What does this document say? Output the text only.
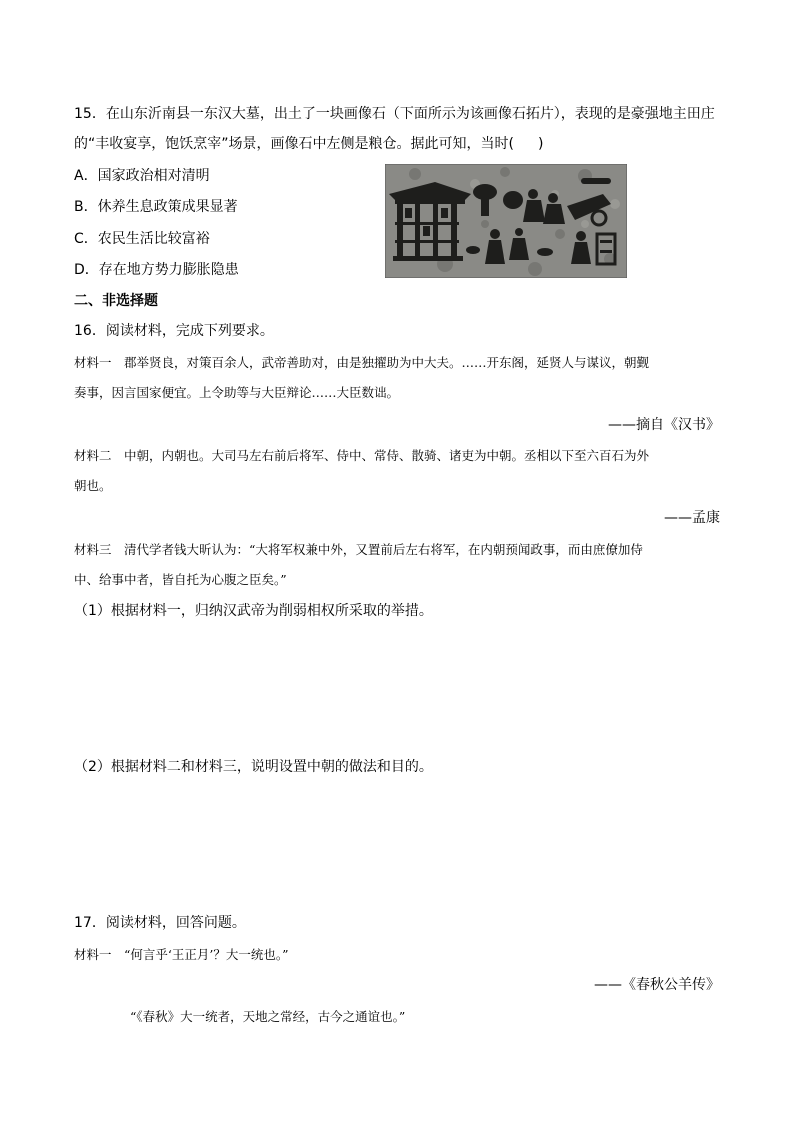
15．在山东沂南县一东汉大墓，出土了一块画像石（下面所示为该画像石拓片），表现的是豪强地主田庄
的“丰收宴享，饱饫烹宰”场景，画像石中左侧是粮仓。据此可知，当时( )
A．国家政治相对清明
B．休养生息政策成果显著
C．农民生活比较富裕
D．存在地方势力膨胀隐患
二、非选择题
16．阅读材料，完成下列要求。
材料一　郡举贤良，对策百余人，武帝善助对，由是独擢助为中大夫。……开东阁，延贤人与谋议，朝觐
奏事，因言国家便宜。上令助等与大臣辩论……大臣数诎。
——摘自《汉书》
材料二　中朝，内朝也。大司马左右前后将军、侍中、常侍、散骑、诸吏为中朝。丞相以下至六百石为外
朝也。
——孟康
材料三　清代学者钱大昕认为：“大将军权兼中外，又置前后左右将军，在内朝预闻政事，而由庶僚加侍
中、给事中者，皆自托为心腹之臣矣。”
（1）根据材料一，归纳汉武帝为削弱相权所采取的举措。
（2）根据材料二和材料三，说明设置中朝的做法和目的。
17．阅读材料，回答问题。
材料一　“何言乎‘王正月’？大一统也。”
——《春秋公羊传》
“《春秋》大一统者，天地之常经，古今之通谊也。”
